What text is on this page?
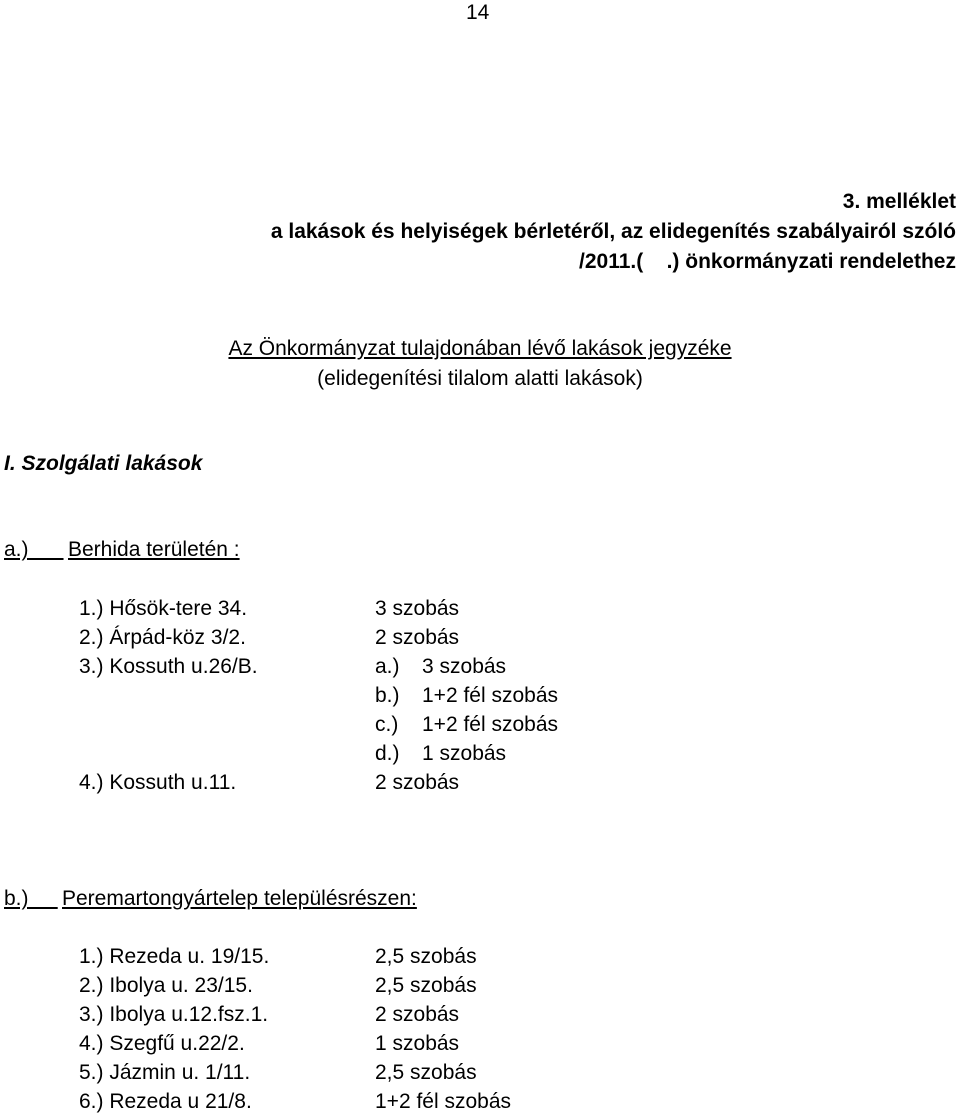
14
3. melléklet
a lakások és helyiségek bérletéről, az elidegenítés szabályairól szóló
/2011.(    .) önkormányzati rendelethez
Az Önkormányzat tulajdonában lévő lakások jegyzéke
(elidegenítési tilalom alatti lakások)
I. Szolgálati lakások
a.) Berhida területén :
1.) Hősök-tere 34.	3 szobás
2.) Árpád-köz 3/2.	2 szobás
3.) Kossuth u.26/B.	a.) 3 szobás
b.) 1+2 fél szobás
c.) 1+2 fél szobás
d.) 1 szobás
4.) Kossuth u.11.	2 szobás
b.) Peremartongyártelep településrészen:
1.) Rezeda u. 19/15.	2,5 szobás
2.) Ibolya u. 23/15.	2,5 szobás
3.) Ibolya u.12.fsz.1.	2 szobás
4.) Szegfű u.22/2.	1 szobás
5.) Jázmin u. 1/11.	2,5 szobás
6.) Rezeda u 21/8.	1+2 fél szobás
